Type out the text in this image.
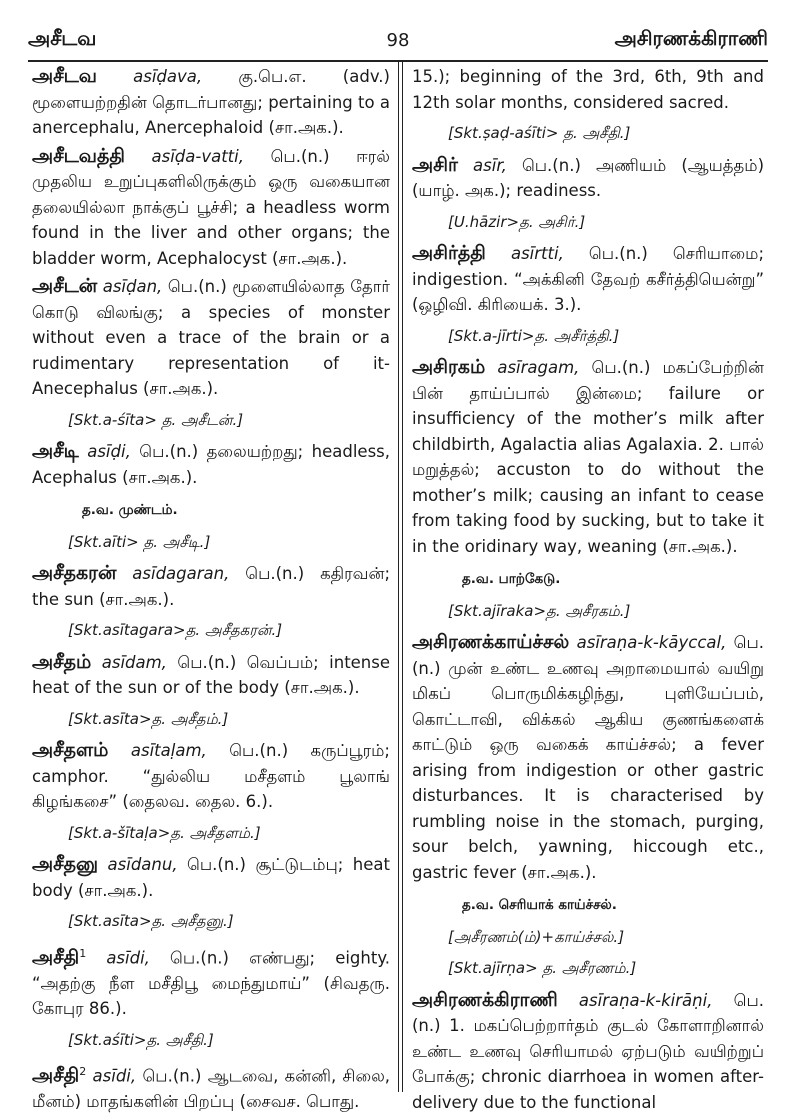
அசீடவ	98	அசிரணக்கிராணி
அசீடவ asīḍava, கு.பெ.எ. (adv.) மூளையற்றதின் தொடர்பானது; pertaining to a anercephalu, Anercephaloid (சா.அக.).
அசீடவத்தி asīḍa-vatti, பெ.(n.) ஈரல் முதலிய உறுப்புகளிலிருக்கும் ஒரு வகையான தலையில்லா நாக்குப் பூச்சி; a headless worm found in the liver and other organs; the bladder worm, Acephalocyst (சா.அக.).
அசீடன் asīḍan, பெ.(n.) மூளையில்லாத தோர் கொடு விலங்கு; a species of monster without even a trace of the brain or a rudimentary representation of it- Anecephalus (சா.அக.).
[Skt.a-śīta> த. அசீடன்.]
அசீடி asīḍi, பெ.(n.) தலையற்றது; headless, Acephalus (சா.அக.).
த.வ. முண்டம்.
[Skt.aīti> த. அசீடி.]
அசீதகரன் asīdagaran, பெ.(n.) கதிரவன்; the sun (சா.அக.).
[Skt.asītagara>த. அசீதகரன்.]
அசீதம் asīdam, பெ.(n.) வெப்பம்; intense heat of the sun or of the body (சா.அக.).
[Skt.asīta>த. அசீதம்.]
அசீதளம் asītaḷam, பெ.(n.) கருப்பூரம்; camphor. “துல்லிய மசீதளம் பூலாங் கிழங்கசை” (தைலவ. தைல. 6.).
[Skt.a-šītaḷa>த. அசீதளம்.]
அசீதனு asīdanu, பெ.(n.) சூட்டுடம்பு; heat body (சா.அக.).
[Skt.asīta>த. அசீதனு.]
அசீதி$^1$ asīdi, பெ.(n.) எண்பது; eighty. “அதற்கு நீள மசீதிபூ மைந்துமாய்” (சிவதரு. கோபுர 86.).
[Skt.aśīti>த. அசீதி.]
அசீதி$^2$ asīdi, பெ.(n.) ஆடவை, கன்னி, சிலை, மீனம்) மாதங்களின் பிறப்பு (சைவச. பொது.
15.); beginning of the 3rd, 6th, 9th and 12th solar months, considered sacred.
[Skt.ṣaḍ-aśīti> த. அசீதி.]
அசிர் asīr, பெ.(n.) அணியம் (ஆயத்தம்) (யாழ். அக.); readiness.
[U.hāzir>த. அசிர்.]
அசிர்த்தி asīrtti, பெ.(n.) செரியாமை; indigestion. “அக்கினி தேவற் கசீர்த்தியென்று” (ஒழிவி. கிரியைக். 3.).
[Skt.a-jīrti>த. அசீர்த்தி.]
அசிரகம் asīragam, பெ.(n.) மகப்பேற்றின் பின் தாய்ப்பால் இன்மை; failure or insufficiency of the mother’s milk after childbirth, Agalactia alias Agalaxia. 2. பால் மறுத்தல்; accuston to do without the mother’s milk; causing an infant to cease from taking food by sucking, but to take it in the oridinary way, weaning (சா.அக.).
த.வ. பாற்கேடு.
[Skt.ajīraka>த. அசீரகம்.]
அசிரணக்காய்ச்சல் asīraṇa-k-kāyccal, பெ.(n.) முன் உண்ட உணவு அறாமையால் வயிறு மிகப் பொருமிக்கழிந்து, புளியேப்பம், கொட்டாவி, விக்கல் ஆகிய குணங்களைக் காட்டும் ஒரு வகைக் காய்ச்சல்; a fever arising from indigestion or other gastric disturbances. It is characterised by rumbling noise in the stomach, purging, sour belch, yawning, hiccough etc., gastric fever (சா.அக.).
த.வ. செரியாக் காய்ச்சல்.
[அசீரணம்(ம்)+காய்ச்சல்.]
[Skt.ajīrṇa> த. அசீரணம்.]
அசிரணக்கிராணி asīraṇa-k-kirāṇi, பெ. (n.) 1. மகப்பெற்றார்தம் குடல் கோளாறினால் உண்ட உணவு செரியாமல் ஏற்படும் வயிற்றுப் போக்கு; chronic diarrhoea in women after-delivery due to the functional
